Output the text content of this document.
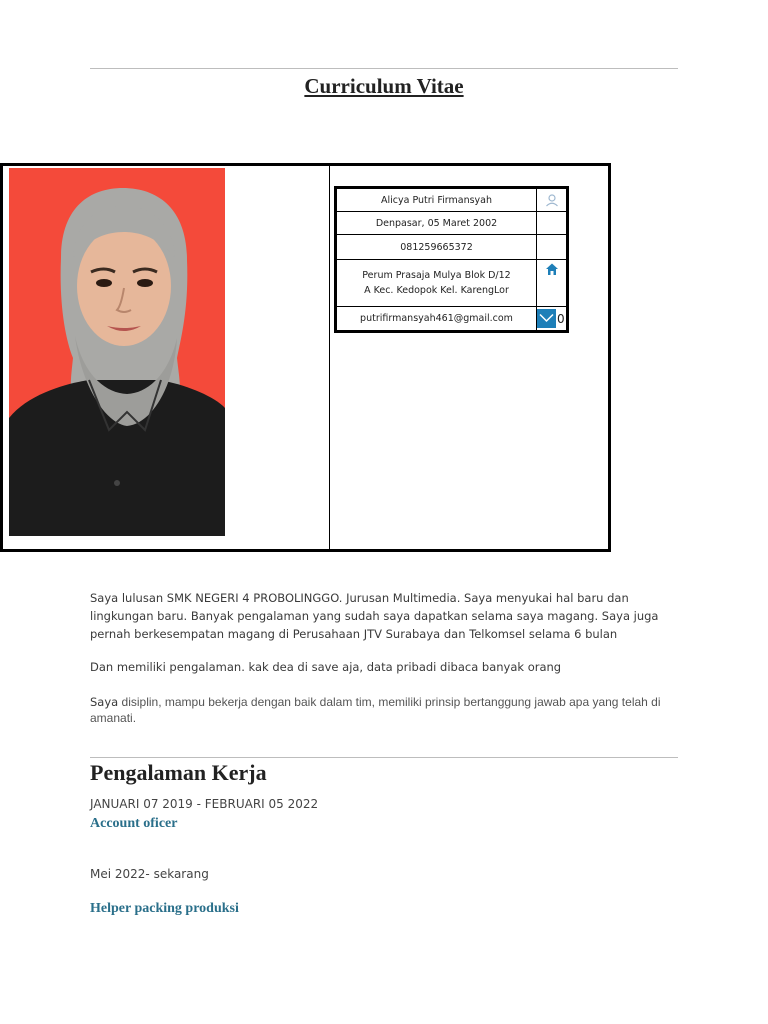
Curriculum Vitae
Alicya Putri Firmansyah
Denpasar, 05 Maret 2002
081259665372
Perum Prasaja Mulya Blok D/12
A Kec. Kedopok Kel. KarengLor
putrifirmansyah461@gmail.com	0
Saya lulusan SMK NEGERI 4 PROBOLINGGO. Jurusan Multimedia. Saya menyukai hal baru dan lingkungan baru. Banyak pengalaman yang sudah saya dapatkan selama saya magang. Saya juga pernah berkesempatan magang di Perusahaan JTV Surabaya dan Telkomsel selama 6 bulan
Dan memiliki pengalaman. kak dea di save aja, data pribadi dibaca banyak orang
Saya disiplin, mampu bekerja dengan baik dalam tim, memiliki prinsip bertanggung jawab apa yang telah di amanati.
Pengalaman Kerja
JANUARI 07 2019 - FEBRUARI 05 2022
Account oficer
Mei 2022- sekarang
Helper packing produksi
